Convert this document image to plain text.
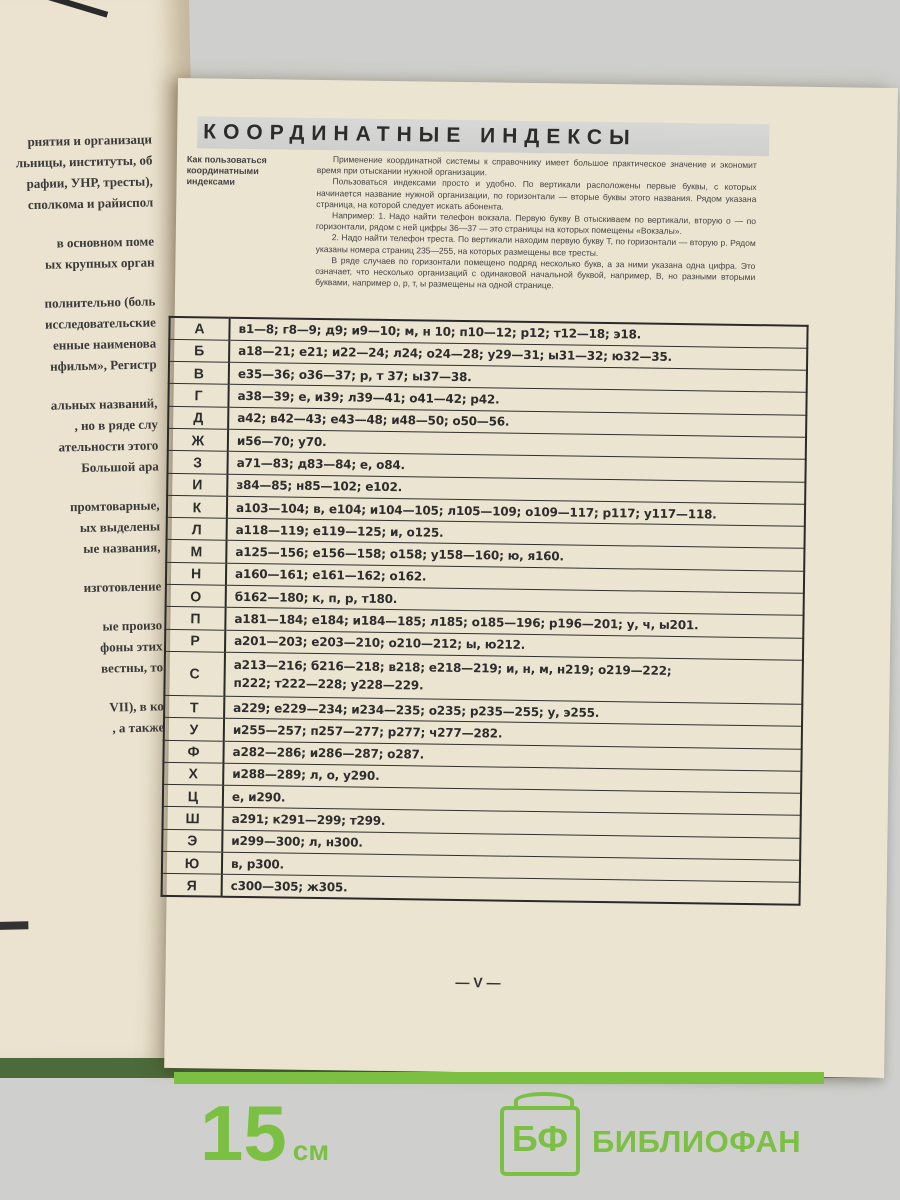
рнятия и организаци
льницы, институты, об
рафии, УНР, тресты),
сполкома и райиспол
в основном поме
ых крупных орган
полнительно (боль
исследовательские
енные наименова
нфильм», Регистр
альных названий,
, но в ряде слу
ательности этого
Большой ара
промтоварные,
ых выделены
ые названия,
изготовление
ые произо
фоны этих
вестны, то
VII), в ко
, а также
КООРДИНАТНЫЕ ИНДЕКСЫ
Как пользоваться координатными индексами

Применение координатной системы к справочнику имеет большое практическое значение и экономит время при отыскании нужной организации.

Пользоваться индексами просто и удобно. По вертикали расположены первые буквы, с которых начинается название нужной организации, по горизонтали — вторые буквы этого названия. Рядом указана страница, на которой следует искать абонента.

Например: 1. Надо найти телефон вокзала. Первую букву В отыскиваем по вертикали, вторую о — по горизонтали, рядом с ней цифры 36—37 — это страницы на которых помещены «Вокзалы».

2. Надо найти телефон треста. По вертикали находим первую букву Т, по горизонтали — вторую р. Рядом указаны номера страниц 235—255, на которых размещены все тресты.

В ряде случаев по горизонтали помещено подряд несколько букв, а за ними указана одна цифра. Это означает, что несколько организаций с одинаковой начальной буквой, например, В, но разными вторыми буквами, например о, р, т, ы размещены на одной странице.

А	в1—8; г8—9; д9; и9—10; м, н 10; п10—12; р12; т12—18; э18.

Б	а18—21; е21; и22—24; л24; о24—28; у29—31; ы31—32; ю32—35.

В	е35—36; о36—37; р, т 37; ы37—38.

Г	а38—39; е, и39; л39—41; о41—42; р42.

Д	а42; в42—43; е43—48; и48—50; о50—56.

Ж	и56—70; у70.

З	а71—83; д83—84; е, о84.

И	з84—85; н85—102; е102.

К	а103—104; в, е104; и104—105; л105—109; о109—117; р117; у117—118.

Л	а118—119; е119—125; и, о125.

М	а125—156; е156—158; о158; у158—160; ю, я160.

Н	а160—161; е161—162; о162.

О	б162—180; к, п, р, т180.

П	а181—184; е184; и184—185; л185; о185—196; р196—201; у, ч, ы201.

Р	а201—203; е203—210; о210—212; ы, ю212.

С	а213—216; б216—218; в218; е218—219; и, н, м, н219; о219—222;
п222; т222—228; у228—229.

Т	а229; е229—234; и234—235; о235; р235—255; у, э255.

У	и255—257; п257—277; р277; ч277—282.

Ф	а282—286; и286—287; о287.

Х	и288—289; л, о, у290.

Ц	е, и290.

Ш	а291; к291—299; т299.

Э	и299—300; л, н300.

Ю	в, р300.

Я	с300—305; ж305.
— V —
15 см	БФ БИБЛИОФАН
